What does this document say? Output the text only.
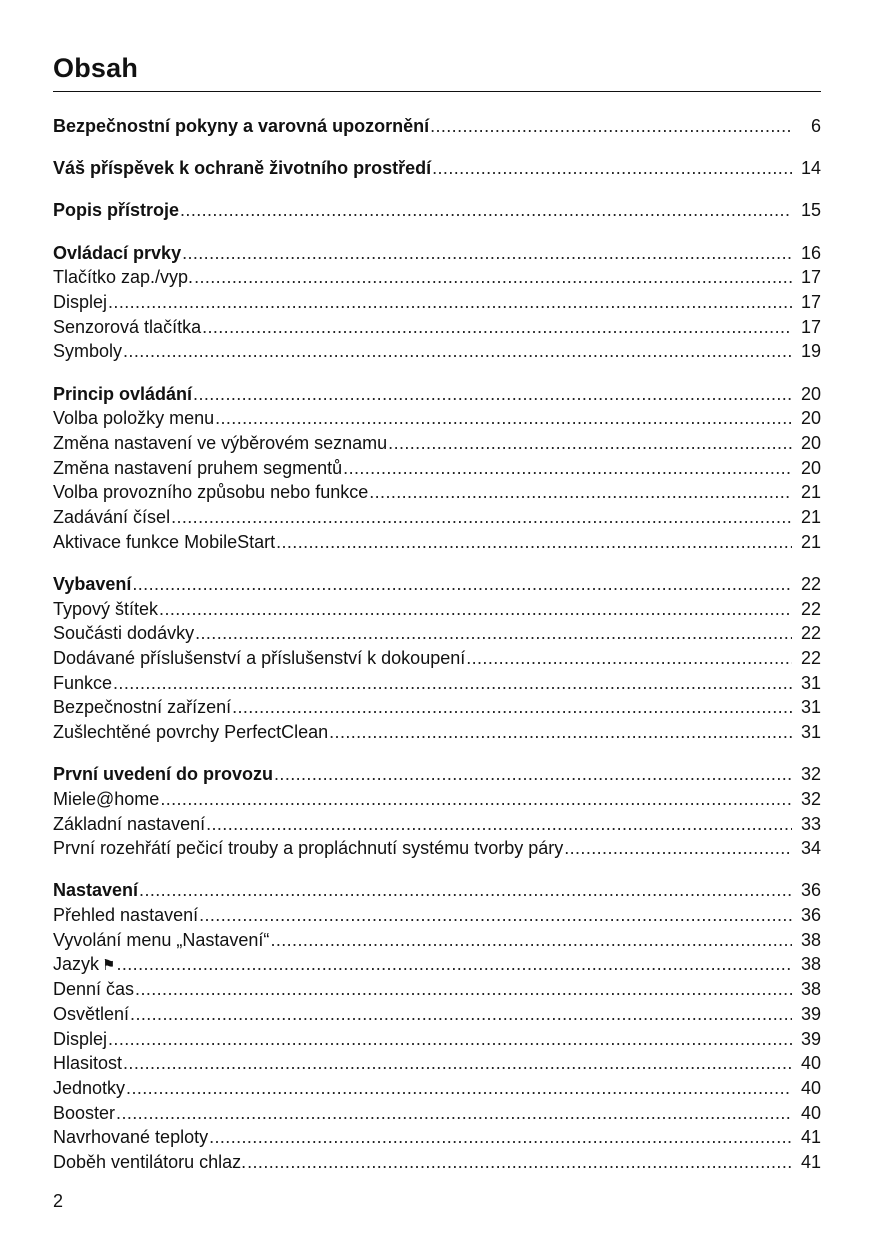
Obsah
Bezpečnostní pokyny a varovná upozornění .....	6
Váš příspěvek k ochraně životního prostředí .....	14
Popis přístroje .....	15
Ovládací prvky .....	16
Tlačítko zap./vyp. .....	17
Displej .....	17
Senzorová tlačítka .....	17
Symboly .....	19
Princip ovládání .....	20
Volba položky menu .....	20
Změna nastavení ve výběrovém seznamu .....	20
Změna nastavení pruhem segmentů .....	20
Volba provozního způsobu nebo funkce .....	21
Zadávání čísel .....	21
Aktivace funkce MobileStart .....	21
Vybavení .....	22
Typový štítek .....	22
Součásti dodávky .....	22
Dodávané příslušenství a příslušenství k dokoupení .....	22
Funkce .....	31
Bezpečnostní zařízení .....	31
Zušlechtěné povrchy PerfectClean .....	31
První uvedení do provozu .....	32
Miele@home .....	32
Základní nastavení .....	33
První rozehřátí pečicí trouby a propláchnutí systému tvorby páry .....	34
Nastavení .....	36
Přehled nastavení .....	36
Vyvolání menu „Nastavení“ .....	38
Jazyk ⚑ .....	38
Denní čas .....	38
Osvětlení .....	39
Displej .....	39
Hlasitost .....	40
Jednotky .....	40
Booster .....	40
Navrhované teploty .....	41
Doběh ventilátoru chlaz. .....	41
2
